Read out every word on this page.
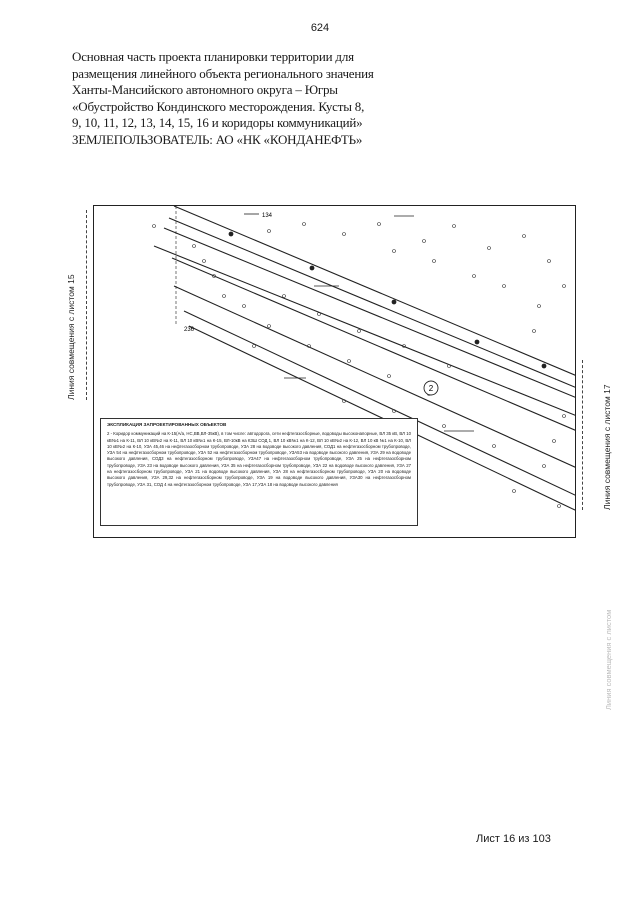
624
Основная часть проекта планировки территории для
размещения линейного объекта регионального значения
Ханты-Мансийского автономного округа – Югры
«Обустройство Кондинского месторождения. Кусты 8,
9, 10, 11, 12, 13, 14, 15, 16 и коридоры коммуникаций»
ЗЕМЛЕПОЛЬЗОВАТЕЛЬ: АО «НК «КОНДАНЕФТЬ»
Линия совмещения с листом 15
Линия совмещения с листом 17
Линия совмещения с листом
2
134
236
ЭКСПЛИКАЦИЯ ЗАПРОЕКТИРОВАННЫХ ОБЪЕКТОВ
2 - Коридор коммуникаций на К-15(А/а, НС,ВВ,ВЛ-35кВ), в том числе: автодорога, сети нефтегазосборные, водоводы высоконапорные, ВЛ 35 кВ, ВЛ 10 кВ№1 на К-11, ВЛ 10 кВ№2 на К-11, ВЛ 10 кВ№1 на К-15, ВЛ-10кВ на КЗШ СОД 1, ВЛ 10 кВ№1 на К-12, ВЛ 10 кВ№2 на К-12, ВЛ 10 кВ №1 на К-10, ВЛ 10 кВ№2 на К-10, УЗА 45,46 на нефтегазосборном трубопроводе, УЗА 28 на водоводе высокого давления, СОД1 на нефтегазосборном трубопроводе, УЗА 54 на нефтегазосборном трубопроводе, УЗА 52 на нефтегазосборном трубопроводе, УЗА53 на водоводе высокого давления, УЗА 29 на водоводе высокого давления, СОД3 на нефтегазосборном трубопроводе, УЗА47 на нефтегазосборном трубопроводе, УЗА 25 на нефтегазосборном трубопроводе, УЗА 23 на водоводе высокого давления, УЗА 35 на нефтегазосборном трубопроводе, УЗА 22 на водоводе высокого давления, УЗА 27 на нефтегазосборном трубопроводе, УЗА 21 на водоводе высокого давления, УЗА 28 на нефтегазосборном трубопроводе, УЗА 20 на водоводе высокого давления, УЗА 29,32 на нефтегазосборном трубопроводе, УЗА 19 на водоводе высокого давления, УЗА30 на нефтегазосборном трубопроводе, УЗА 31, СОД 4 на нефтегазосборном трубопроводе, УЗА 17,УЗА 18 на водоводе высокого давления
Лист 16 из 103
